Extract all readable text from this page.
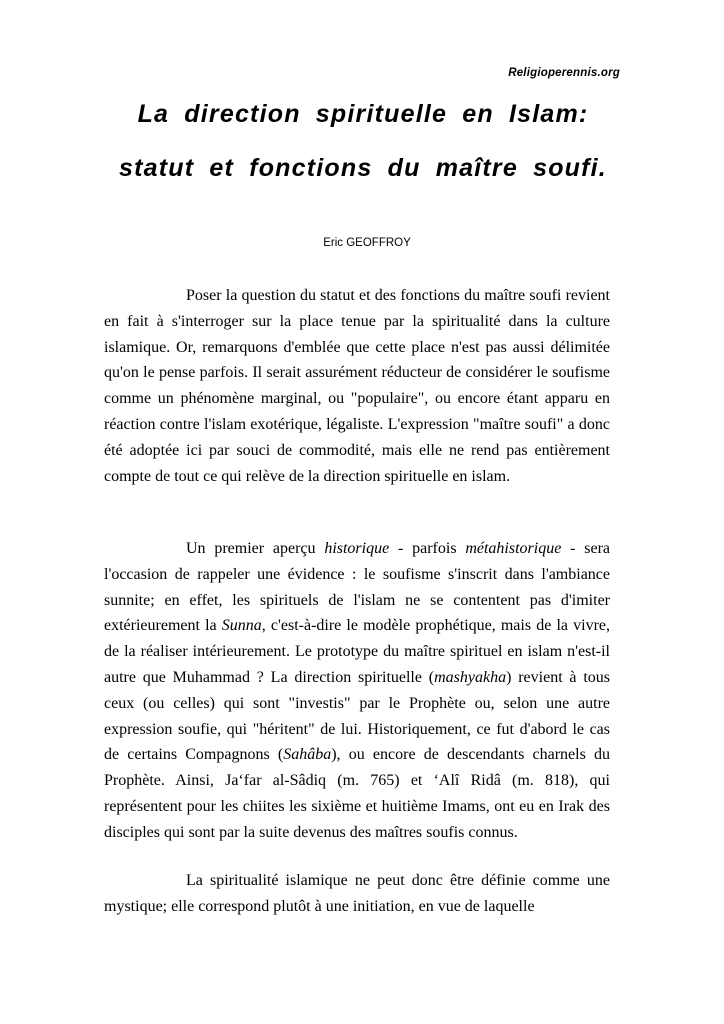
Religioperennis.org
La direction spirituelle en Islam: statut et fonctions du maître soufi.
Eric GEOFFROY

Poser la question du statut et des fonctions du maître soufi revient en fait à s'interroger sur la place tenue par la spiritualité dans la culture islamique. Or, remarquons d'emblée que cette place n'est pas aussi délimitée qu'on le pense parfois. Il serait assurément réducteur de considérer le soufisme comme un phénomène marginal, ou "populaire", ou encore étant apparu en réaction contre l'islam exotérique, légaliste. L'expression "maître soufi" a donc été adoptée ici par souci de commodité, mais elle ne rend pas entièrement compte de tout ce qui relève de la direction spirituelle en islam.

Un premier aperçu historique - parfois métahistorique - sera l'occasion de rappeler une évidence : le soufisme s'inscrit dans l'ambiance sunnite; en effet, les spirituels de l'islam ne se contentent pas d'imiter extérieurement la Sunna, c'est-à-dire le modèle prophétique, mais de la vivre, de la réaliser intérieurement. Le prototype du maître spirituel en islam n'est-il autre que Muhammad ? La direction spirituelle (mashyakha) revient à tous ceux (ou celles) qui sont "investis" par le Prophète ou, selon une autre expression soufie, qui "héritent" de lui. Historiquement, ce fut d'abord le cas de certains Compagnons (Sahâba), ou encore de descendants charnels du Prophète. Ainsi, Ja‘far al-Sâdiq (m. 765) et ‘Alî Ridâ (m. 818), qui représentent pour les chiites les sixième et huitième Imams, ont eu en Irak des disciples qui sont par la suite devenus des maîtres soufis connus.

La spiritualité islamique ne peut donc être définie comme une mystique; elle correspond plutôt à une initiation, en vue de laquelle
